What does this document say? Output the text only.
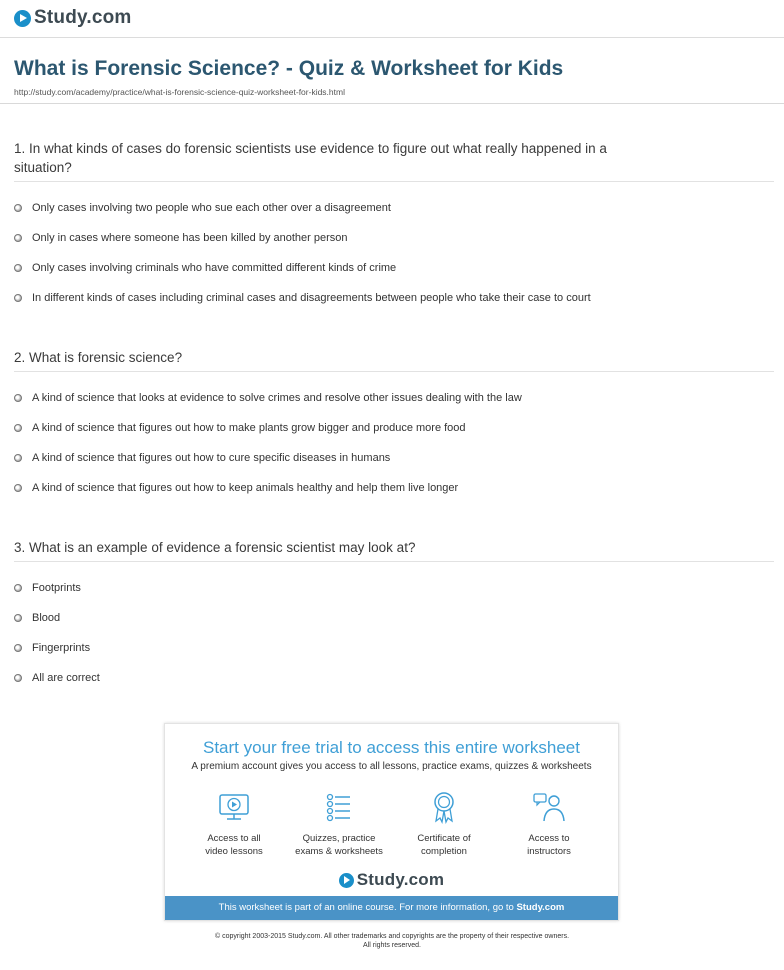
Study.com
What is Forensic Science? - Quiz & Worksheet for Kids
http://study.com/academy/practice/what-is-forensic-science-quiz-worksheet-for-kids.html
1. In what kinds of cases do forensic scientists use evidence to figure out what really happened in a situation?
Only cases involving two people who sue each other over a disagreement
Only in cases where someone has been killed by another person
Only cases involving criminals who have committed different kinds of crime
In different kinds of cases including criminal cases and disagreements between people who take their case to court
2. What is forensic science?
A kind of science that looks at evidence to solve crimes and resolve other issues dealing with the law
A kind of science that figures out how to make plants grow bigger and produce more food
A kind of science that figures out how to cure specific diseases in humans
A kind of science that figures out how to keep animals healthy and help them live longer
3. What is an example of evidence a forensic scientist may look at?
Footprints
Blood
Fingerprints
All are correct
Start your free trial to access this entire worksheet
A premium account gives you access to all lessons, practice exams, quizzes & worksheets
Access to all
video lessons
Quizzes, practice
exams & worksheets
Certificate of
completion
Access to
instructors
Study.com
This worksheet is part of an online course. For more information, go to Study.com
© copyright 2003-2015 Study.com. All other trademarks and copyrights are the property of their respective owners.
All rights reserved.
